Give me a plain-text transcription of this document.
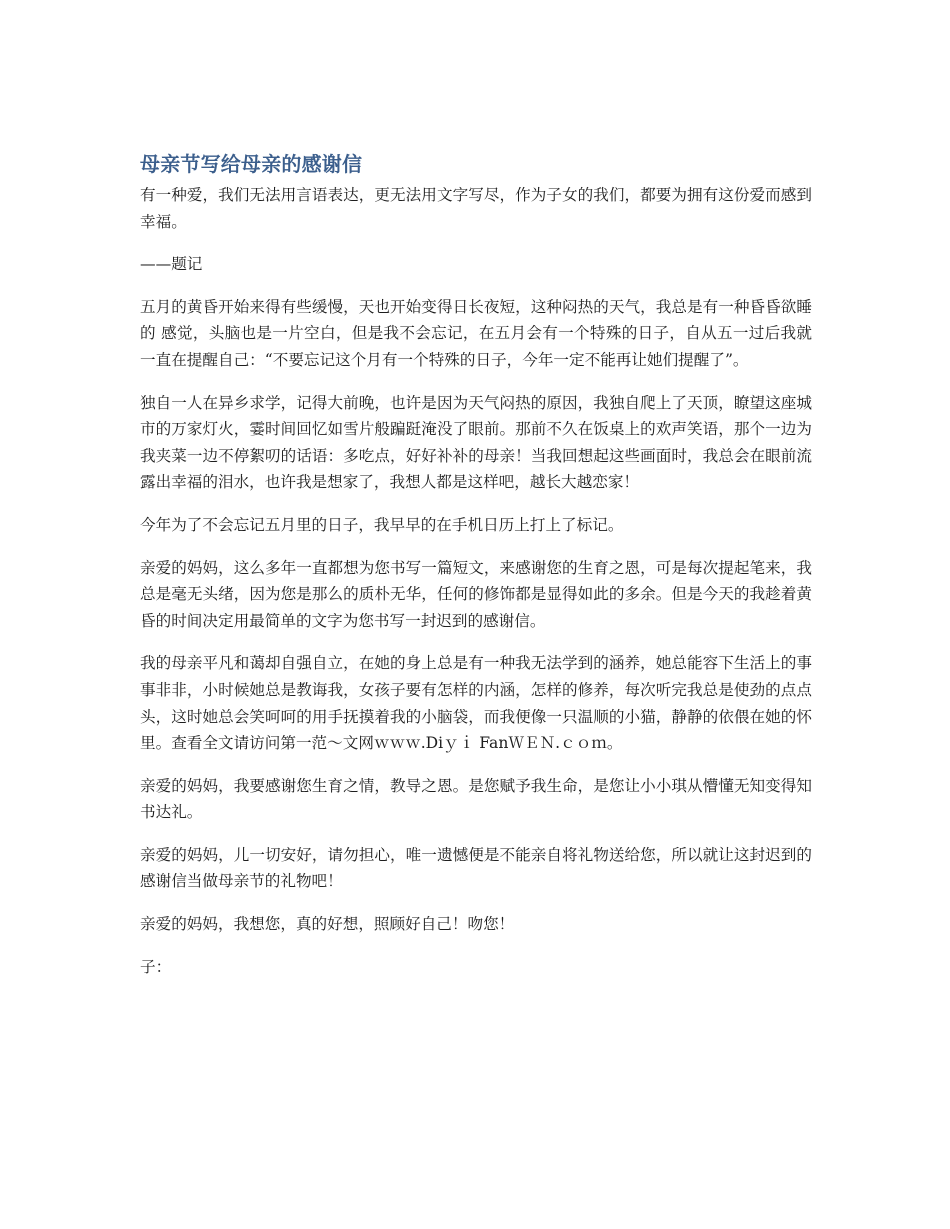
母亲节写给母亲的感谢信

有一种爱，我们无法用言语表达，更无法用文字写尽，作为子女的我们，都要为拥有这份爱而感到幸福。

——题记

五月的黄昏开始来得有些缓慢，天也开始变得日长夜短，这种闷热的天气，我总是有一种昏昏欲睡的 感觉，头脑也是一片空白，但是我不会忘记，在五月会有一个特殊的日子，自从五一过后我就一直在提醒自己：“不要忘记这个月有一个特殊的日子，今年一定不能再让她们提醒了”。

独自一人在异乡求学，记得大前晚，也许是因为天气闷热的原因，我独自爬上了天顶，瞭望这座城市的万家灯火，霎时间回忆如雪片般蹁跹淹没了眼前。那前不久在饭桌上的欢声笑语，那个一边为我夹菜一边不停絮叨的话语：多吃点，好好补补的母亲！当我回想起这些画面时，我总会在眼前流露出幸福的泪水，也许我是想家了，我想人都是这样吧，越长大越恋家！

今年为了不会忘记五月里的日子，我早早的在手机日历上打上了标记。

亲爱的妈妈，这么多年一直都想为您书写一篇短文，来感谢您的生育之恩，可是每次提起笔来，我总是毫无头绪，因为您是那么的质朴无华，任何的修饰都是显得如此的多余。但是今天的我趁着黄昏的时间决定用最简单的文字为您书写一封迟到的感谢信。

我的母亲平凡和蔼却自强自立，在她的身上总是有一种我无法学到的涵养，她总能容下生活上的事事非非，小时候她总是教诲我，女孩子要有怎样的内涵，怎样的修养，每次听完我总是使劲的点点头，这时她总会笑呵呵的用手抚摸着我的小脑袋，而我便像一只温顺的小猫，静静的依偎在她的怀里。查看全文请访问第一范～文网ｗｗｗ.Diｙｉ FanＷＥＮ.ｃｏｍ。

亲爱的妈妈，我要感谢您生育之情，教导之恩。是您赋予我生命，是您让小小琪从懵懂无知变得知书达礼。

亲爱的妈妈，儿一切安好，请勿担心，唯一遗憾便是不能亲自将礼物送给您，所以就让这封迟到的感谢信当做母亲节的礼物吧！

亲爱的妈妈，我想您，真的好想，照顾好自己！吻您！

子：
